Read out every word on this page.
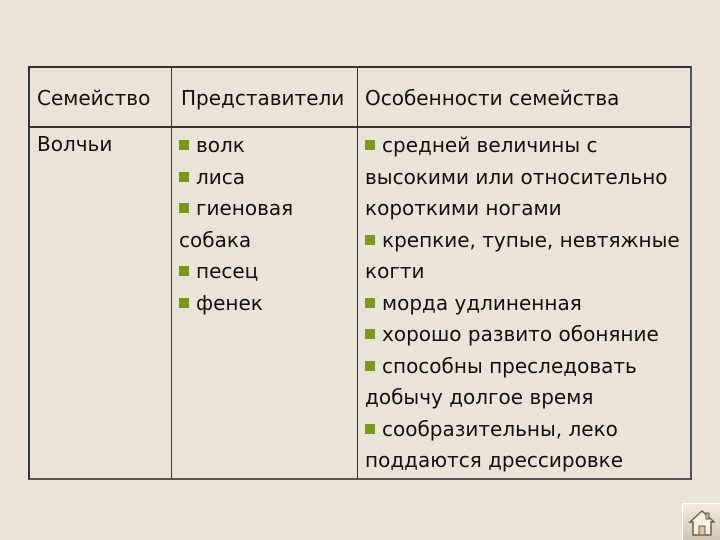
Семейство Представители Особенности семейства
Волчьи	волк
лиса
гиеновая собака
песец
фенек
средней величины с высокими или относительно короткими ногами
крепкие, тупые, невтяжные когти
морда удлиненная
хорошо развито обоняние
способны преследовать добычу долгое время
сообразительны, леко поддаются дрессировке
